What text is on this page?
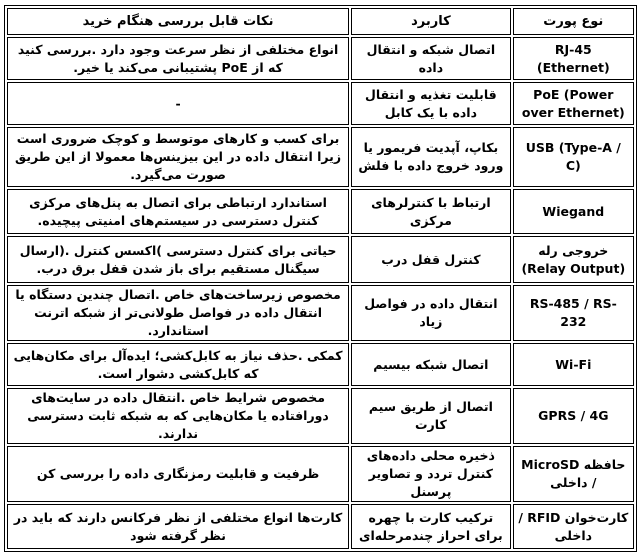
نوع پورت	کاربرد	نکات قابل بررسی هنگام خرید
RJ-45 (Ethernet)	اتصال شبکه و انتقال داده	انواع مختلفی از نظر سرعت وجود دارد .بررسی کنید که از PoE پشتیبانی می‌کند یا خیر.
PoE (Power over Ethernet)	قابلیت تغذیه و انتقال داده با یک کابل	-
USB (Type-A / C)	بکاپ، آپدیت فریمور یا ورود خروج داده با فلش	برای کسب و کارهای موتوسط و کوچک ضروری است زیرا انتقال داده در این بیزینس‌ها معمولا از این طریق صورت می‌گیرد.
Wiegand	ارتباط با کنترلرهای مرکزی	استاندارد ارتباطی برای اتصال به پنل‌های مرکزی کنترل دسترسی در سیستم‌های امنیتی پیچیده.
خروجی رله (Relay Output)	کنترل قفل درب	حیاتی برای کنترل دسترسی )اکسس کنترل .(ارسال سیگنال مستقیم برای باز شدن قفل برق درب.
RS-485 / RS-232	انتقال داده در فواصل زیاد	مخصوص زیرساخت‌های خاص .اتصال چندین دستگاه یا انتقال داده در فواصل طولانی‌تر از شبکه اترنت استاندارد.
Wi-Fi	اتصال شبکه بیسیم	کمکی .حذف نیاز به کابل‌کشی؛ ایده‌آل برای مکان‌هایی که کابل‌کشی دشوار است.
GPRS / 4G	اتصال از طریق سیم کارت	مخصوص شرایط خاص .انتقال داده در سایت‌های دورافتاده یا مکان‌هایی که به شبکه ثابت دسترسی ندارند.
حافظه MicroSD / داخلی	ذخیره محلی داده‌های کنترل تردد و تصاویر پرسنل	ظرفیت و قابلیت رمزنگاری داده را بررسی کن
کارت‌خوان RFID / داخلی	ترکیب کارت با چهره برای احراز چندمرحله‌ای	کارت‌ها انواع مختلفی از نظر فرکانس دارند که باید در نظر گرفته شود
